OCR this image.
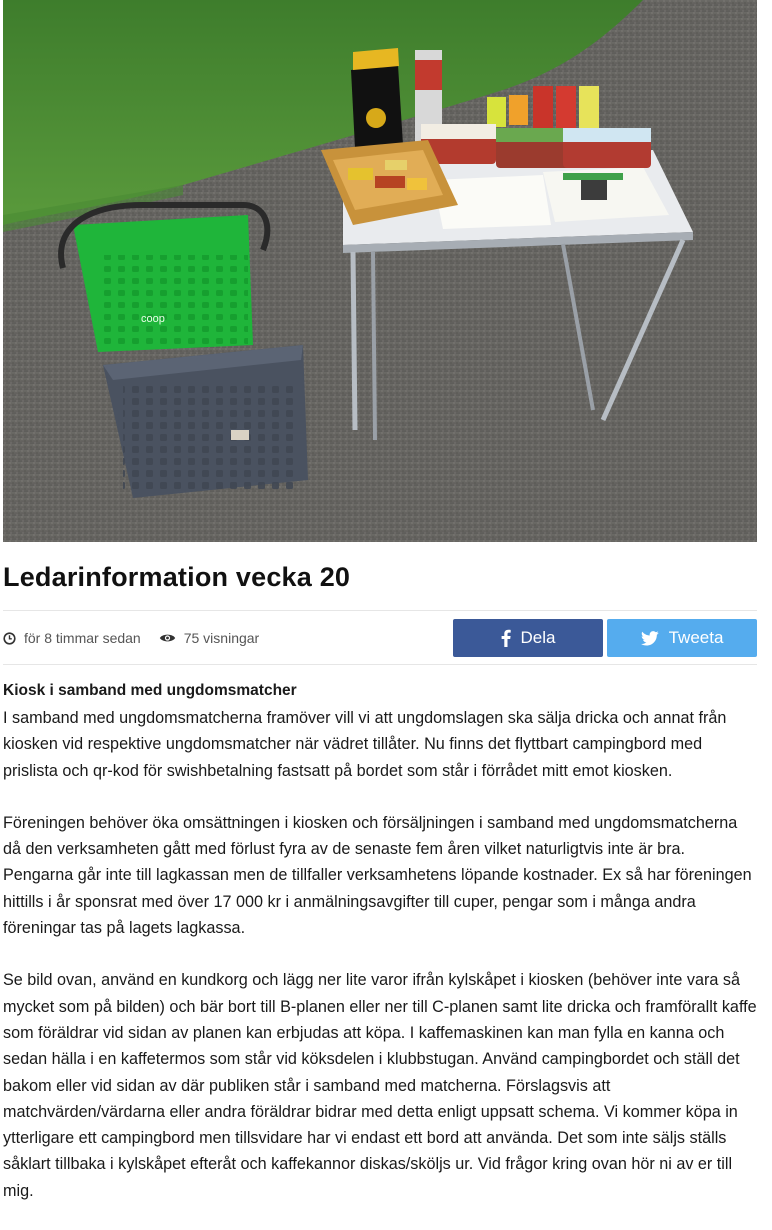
coop
Ledarinformation vecka 20
för 8 timmar sedan	75 visningar	Dela	Tweeta
Kiosk i samband med ungdomsmatcher

I samband med ungdomsmatcherna framöver vill vi att ungdomslagen ska sälja dricka och annat från kiosken vid respektive ungdomsmatcher när vädret tillåter. Nu finns det flyttbart campingbord med prislista och qr-kod för swishbetalning fastsatt på bordet som står i förrådet mitt emot kiosken.

Föreningen behöver öka omsättningen i kiosken och försäljningen i samband med ungdomsmatcherna då den verksamheten gått med förlust fyra av de senaste fem åren vilket naturligtvis inte är bra. Pengarna går inte till lagkassan men de tillfaller verksamhetens löpande kostnader. Ex så har föreningen hittills i år sponsrat med över 17 000 kr i anmälningsavgifter till cuper, pengar som i många andra föreningar tas på lagets lagkassa.

Se bild ovan, använd en kundkorg och lägg ner lite varor ifrån kylskåpet i kiosken (behöver inte vara så mycket som på bilden) och bär bort till B-planen eller ner till C-planen samt lite dricka och framförallt kaffe som föräldrar vid sidan av planen kan erbjudas att köpa. I kaffemaskinen kan man fylla en kanna och sedan hälla i en kaffetermos som står vid köksdelen i klubbstugan. Använd campingbordet och ställ det bakom eller vid sidan av där publiken står i samband med matcherna. Förslagsvis att matchvärden/värdarna eller andra föräldrar bidrar med detta enligt uppsatt schema. Vi kommer köpa in ytterligare ett campingbord men tillsvidare har vi endast ett bord att använda. Det som inte säljs ställs såklart tillbaka i kylskåpet efteråt och kaffekannor diskas/sköljs ur. Vid frågor kring ovan hör ni av er till mig.
